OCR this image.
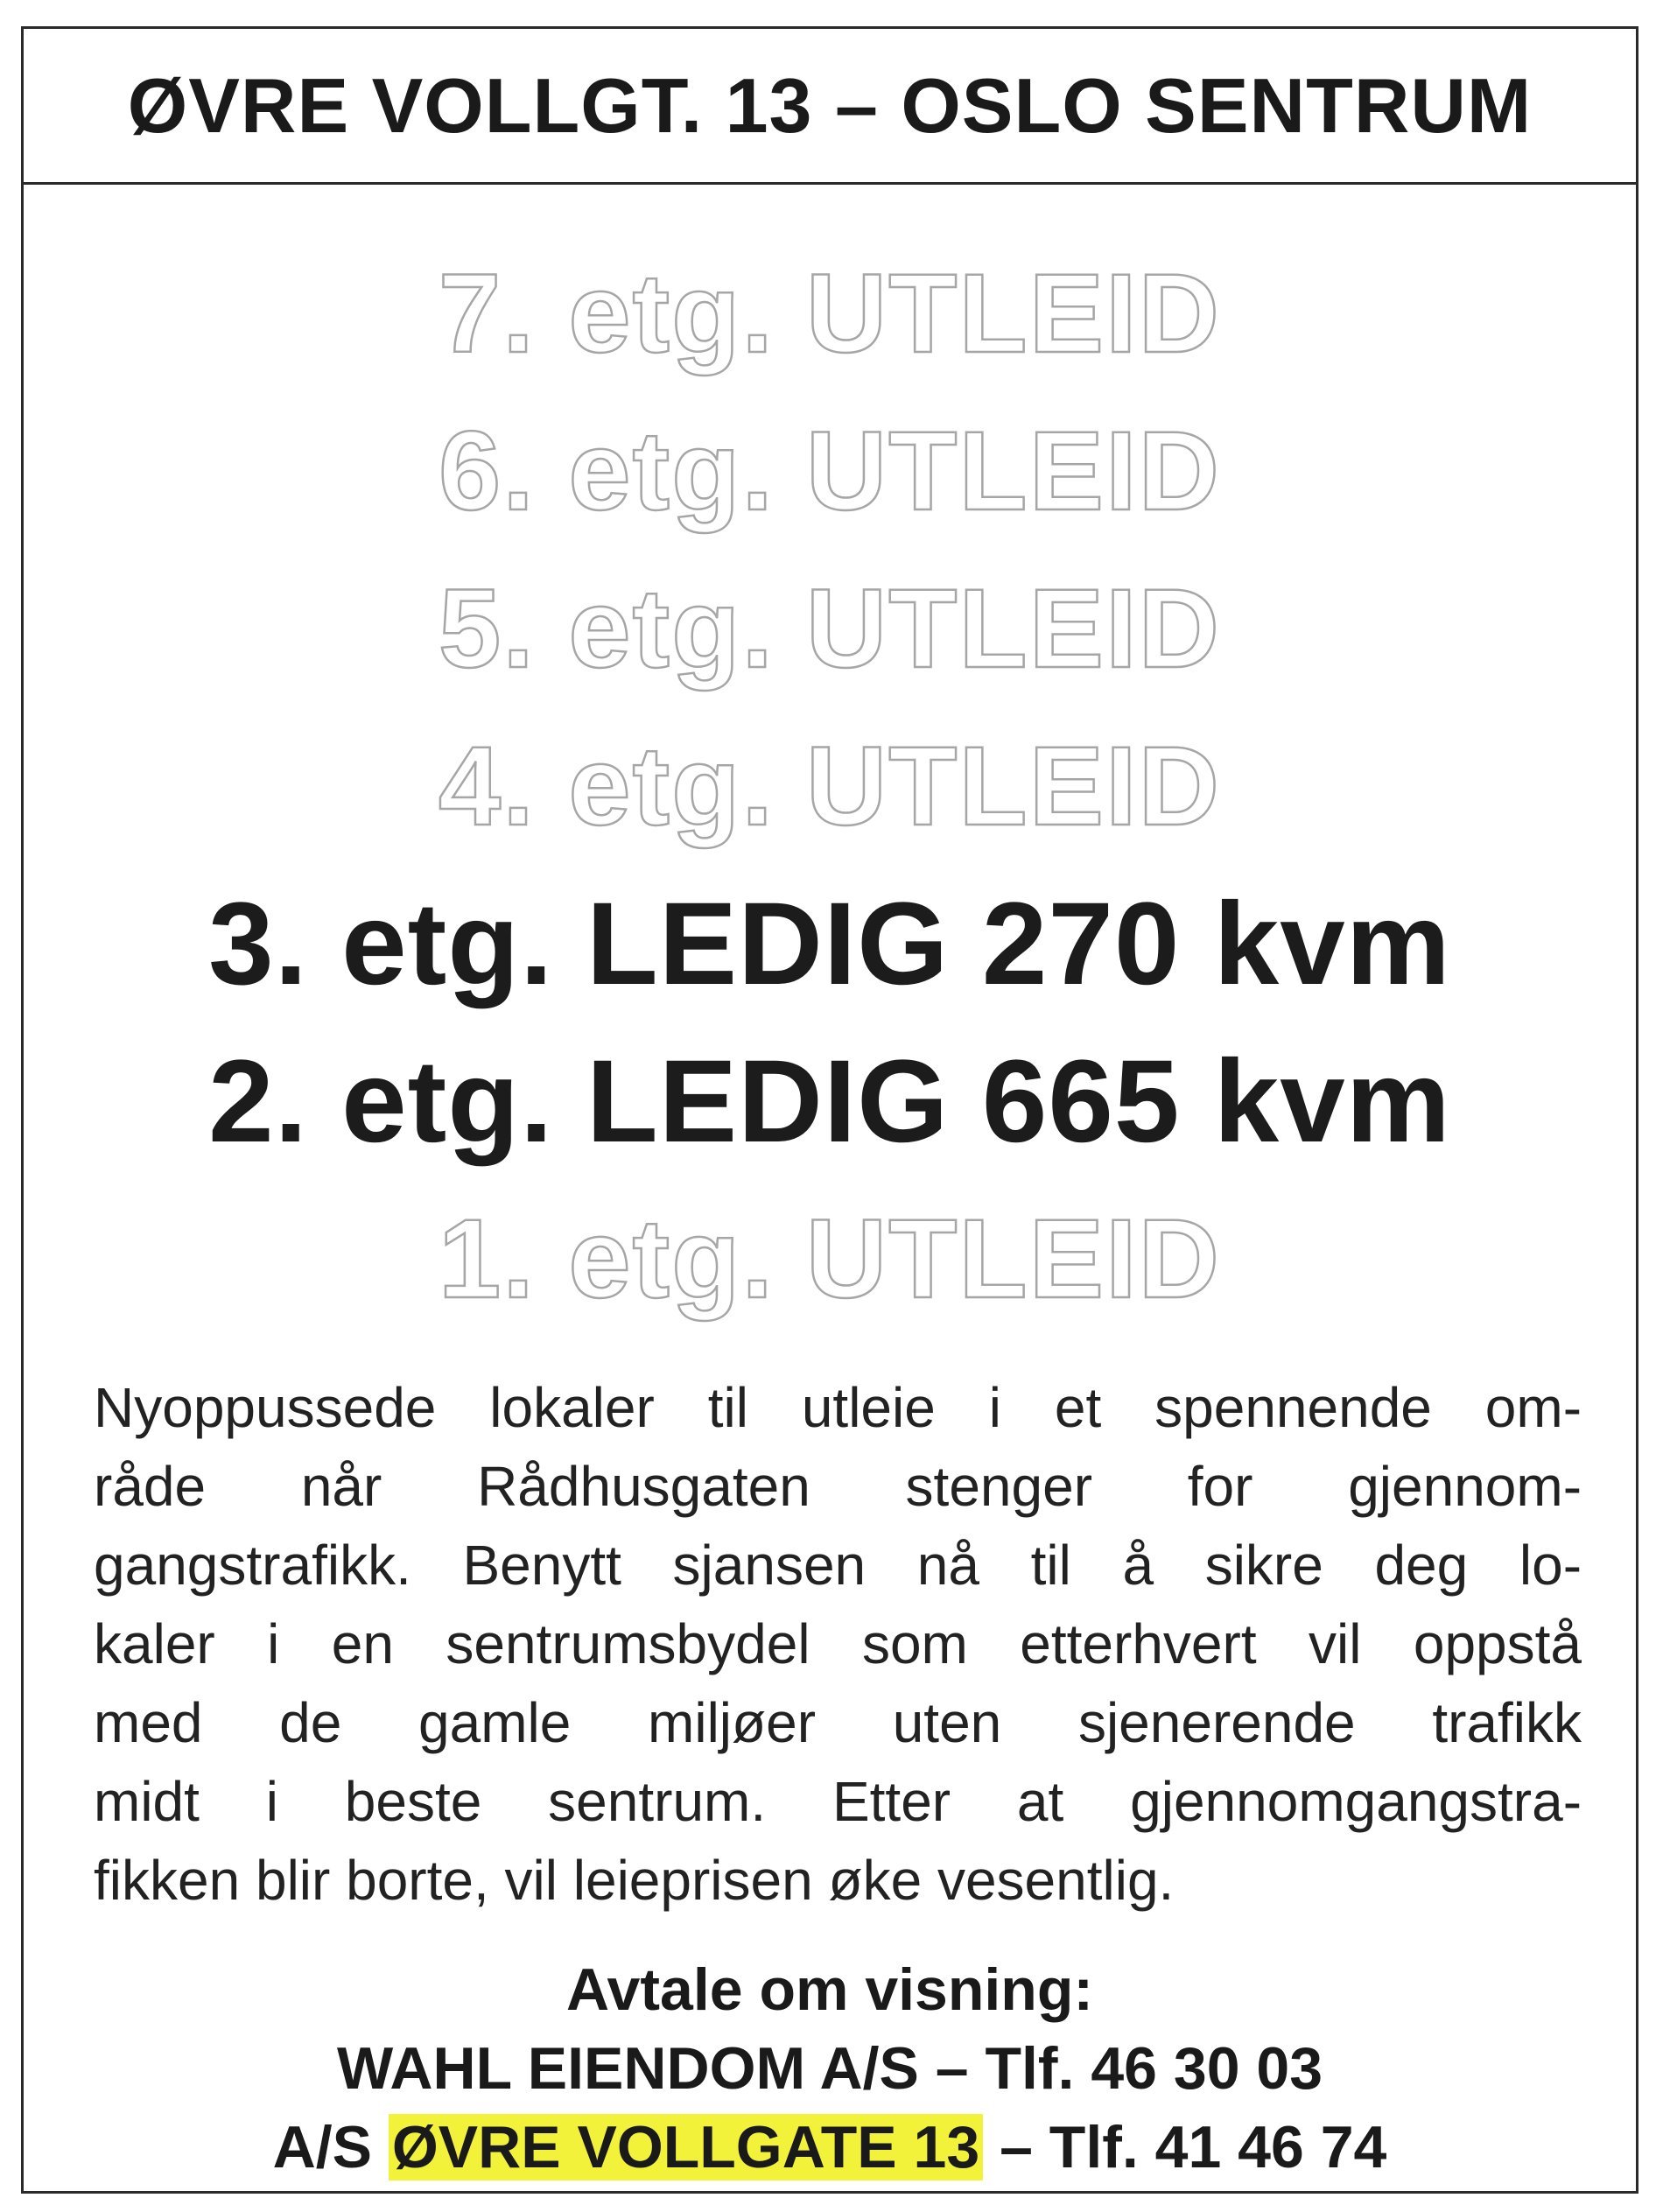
ØVRE VOLLGT. 13 – OSLO SENTRUM
7. etg. UTLEID
6. etg. UTLEID
5. etg. UTLEID
4. etg. UTLEID
3. etg. LEDIG 270 kvm
2. etg. LEDIG 665 kvm
1. etg. UTLEID
Nyoppussede lokaler til utleie i et spennende om-
råde når Rådhusgaten stenger for gjennom-
gangstrafikk. Benytt sjansen nå til å sikre deg lo-
kaler i en sentrumsbydel som etterhvert vil oppstå
med de gamle miljøer uten sjenerende trafikk
midt i beste sentrum. Etter at gjennomgangstra-
fikken blir borte, vil leieprisen øke vesentlig.
Avtale om visning:
WAHL EIENDOM A/S – Tlf. 46 30 03
A/S ØVRE VOLLGATE 13 – Tlf. 41 46 74
